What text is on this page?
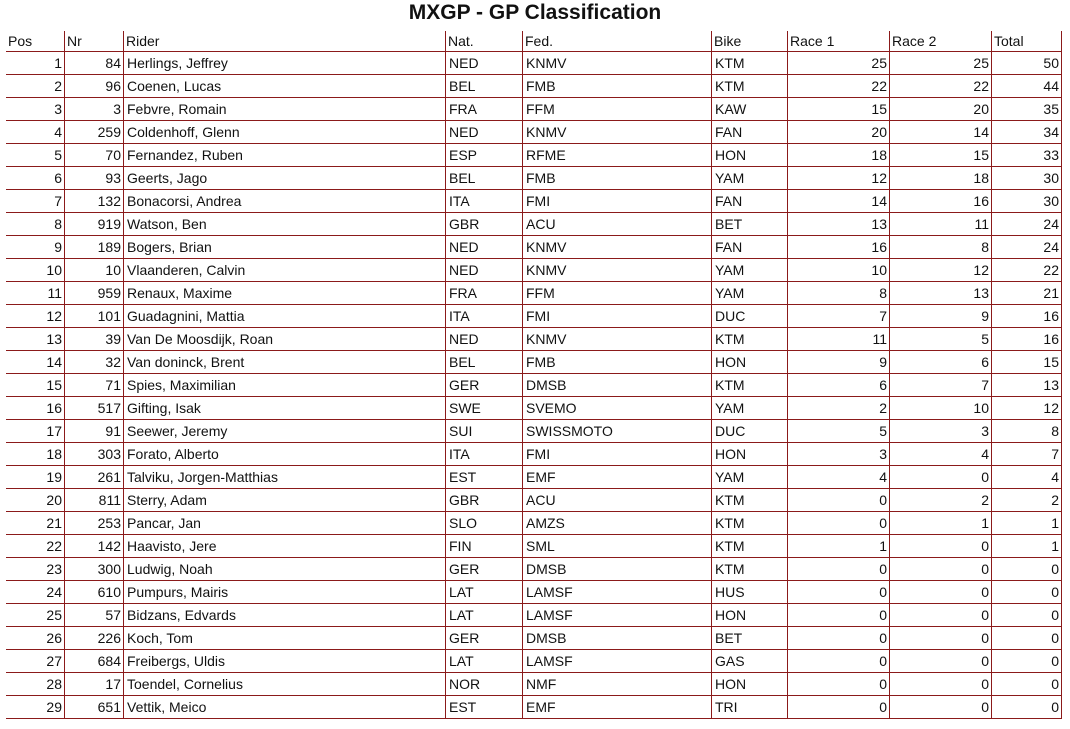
MXGP - GP Classification
Pos	Nr	Rider	Nat.	Fed.	Bike	Race 1	Race 2	Total
1	84	Herlings, Jeffrey	NED	KNMV	KTM	25	25	50
2	96	Coenen, Lucas	BEL	FMB	KTM	22	22	44
3	3	Febvre, Romain	FRA	FFM	KAW	15	20	35
4	259	Coldenhoff, Glenn	NED	KNMV	FAN	20	14	34
5	70	Fernandez, Ruben	ESP	RFME	HON	18	15	33
6	93	Geerts, Jago	BEL	FMB	YAM	12	18	30
7	132	Bonacorsi, Andrea	ITA	FMI	FAN	14	16	30
8	919	Watson, Ben	GBR	ACU	BET	13	11	24
9	189	Bogers, Brian	NED	KNMV	FAN	16	8	24
10	10	Vlaanderen, Calvin	NED	KNMV	YAM	10	12	22
11	959	Renaux, Maxime	FRA	FFM	YAM	8	13	21
12	101	Guadagnini, Mattia	ITA	FMI	DUC	7	9	16
13	39	Van De Moosdijk, Roan	NED	KNMV	KTM	11	5	16
14	32	Van doninck, Brent	BEL	FMB	HON	9	6	15
15	71	Spies, Maximilian	GER	DMSB	KTM	6	7	13
16	517	Gifting, Isak	SWE	SVEMO	YAM	2	10	12
17	91	Seewer, Jeremy	SUI	SWISSMOTO	DUC	5	3	8
18	303	Forato, Alberto	ITA	FMI	HON	3	4	7
19	261	Talviku, Jorgen-Matthias	EST	EMF	YAM	4	0	4
20	811	Sterry, Adam	GBR	ACU	KTM	0	2	2
21	253	Pancar, Jan	SLO	AMZS	KTM	0	1	1
22	142	Haavisto, Jere	FIN	SML	KTM	1	0	1
23	300	Ludwig, Noah	GER	DMSB	KTM	0	0	0
24	610	Pumpurs, Mairis	LAT	LAMSF	HUS	0	0	0
25	57	Bidzans, Edvards	LAT	LAMSF	HON	0	0	0
26	226	Koch, Tom	GER	DMSB	BET	0	0	0
27	684	Freibergs, Uldis	LAT	LAMSF	GAS	0	0	0
28	17	Toendel, Cornelius	NOR	NMF	HON	0	0	0
29	651	Vettik, Meico	EST	EMF	TRI	0	0	0
